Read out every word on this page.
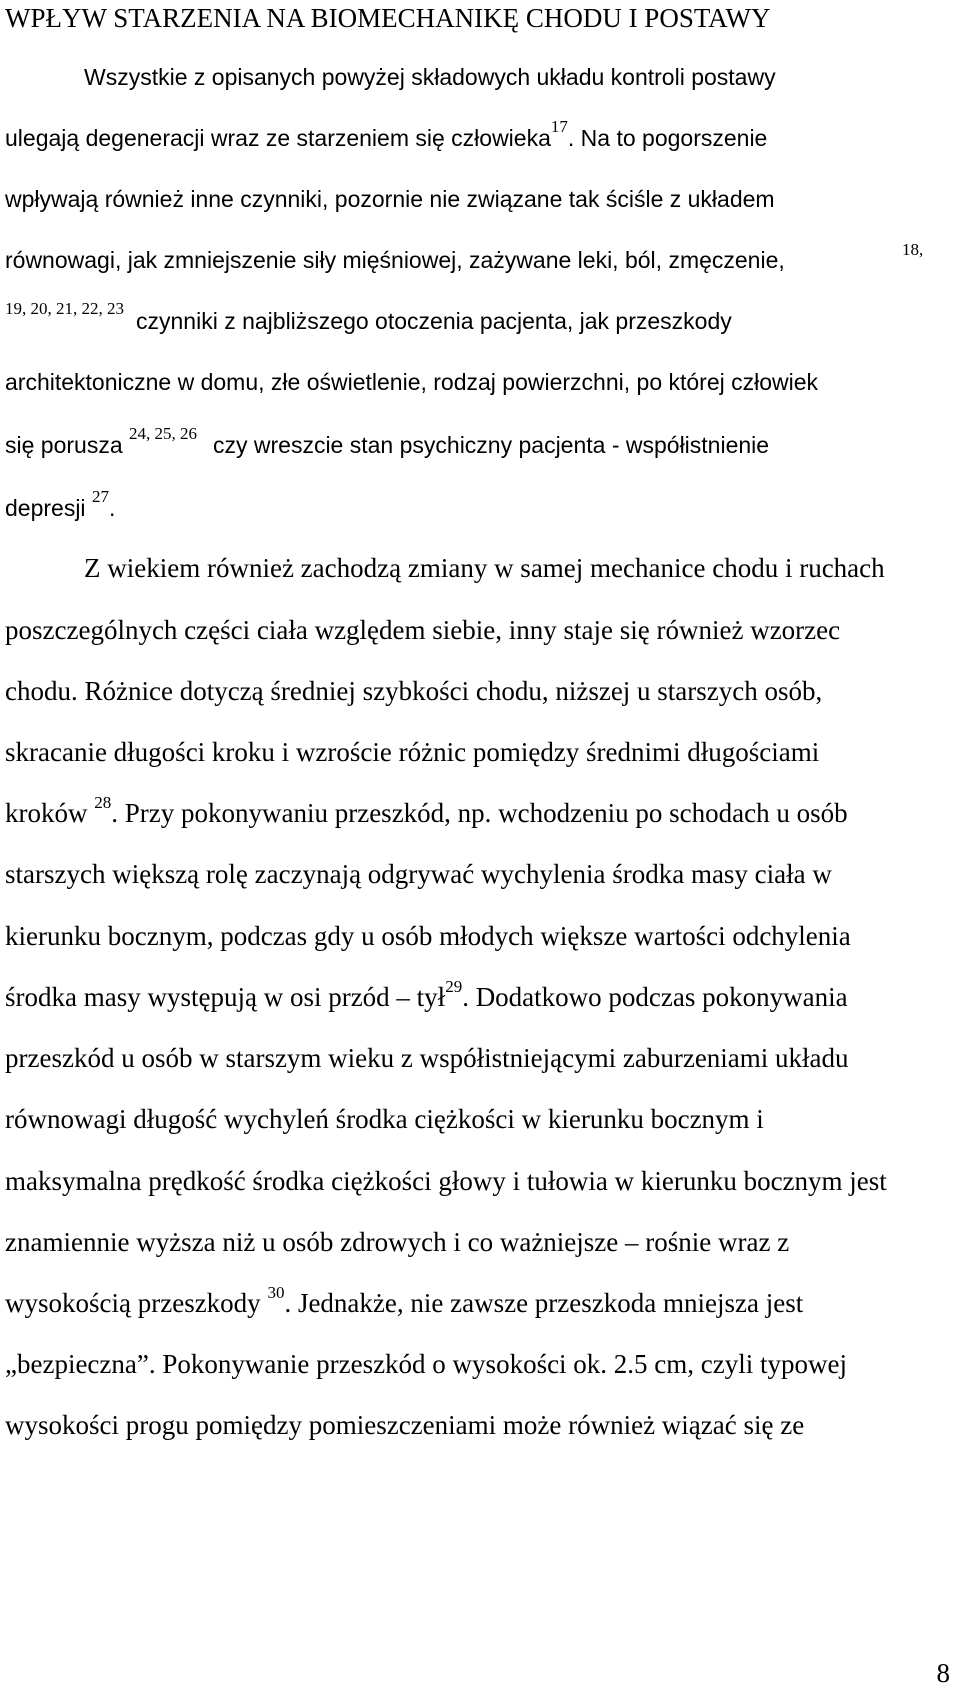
WPŁYW STARZENIA NA BIOMECHANIKĘ CHODU I POSTAWY
Wszystkie z opisanych powyżej składowych układu kontroli postawy
ulegają degeneracji wraz ze starzeniem się człowieka$^{17}$. Na to pogorszenie
wpływają również inne czynniki, pozornie nie związane tak ściśle z układem
równowagi, jak zmniejszenie siły mięśniowej, zażywane leki, ból, zmęczenie,	18,
19, 20, 21, 22, 23 czynniki z najbliższego otoczenia pacjenta, jak przeszkody
architektoniczne w domu, złe oświetlenie, rodzaj powierzchni, po której człowiek
się porusza 24, 25, 26 czy wreszcie stan psychiczny pacjenta - współistnienie
depresji $^{27}$.
Z wiekiem również zachodzą zmiany w samej mechanice chodu i ruchach
poszczególnych części ciała względem siebie, inny staje się również wzorzec
chodu. Różnice dotyczą średniej szybkości chodu, niższej u starszych osób,
skracanie długości kroku i wzroście różnic pomiędzy średnimi długościami
kroków $^{28}$. Przy pokonywaniu przeszkód, np. wchodzeniu po schodach u osób
starszych większą rolę zaczynają odgrywać wychylenia środka masy ciała w
kierunku bocznym, podczas gdy u osób młodych większe wartości odchylenia
środka masy występują w osi przód – tył$^{29}$. Dodatkowo podczas pokonywania
przeszkód u osób w starszym wieku z współistniejącymi zaburzeniami układu
równowagi długość wychyleń środka ciężkości w kierunku bocznym i
maksymalna prędkość środka ciężkości głowy i tułowia w kierunku bocznym jest
znamiennie wyższa niż u osób zdrowych i co ważniejsze – rośnie wraz z
wysokością przeszkody $^{30}$. Jednakże, nie zawsze przeszkoda mniejsza jest
„bezpieczna”. Pokonywanie przeszkód o wysokości ok. 2.5 cm, czyli typowej
wysokości progu pomiędzy pomieszczeniami może również wiązać się ze
8
